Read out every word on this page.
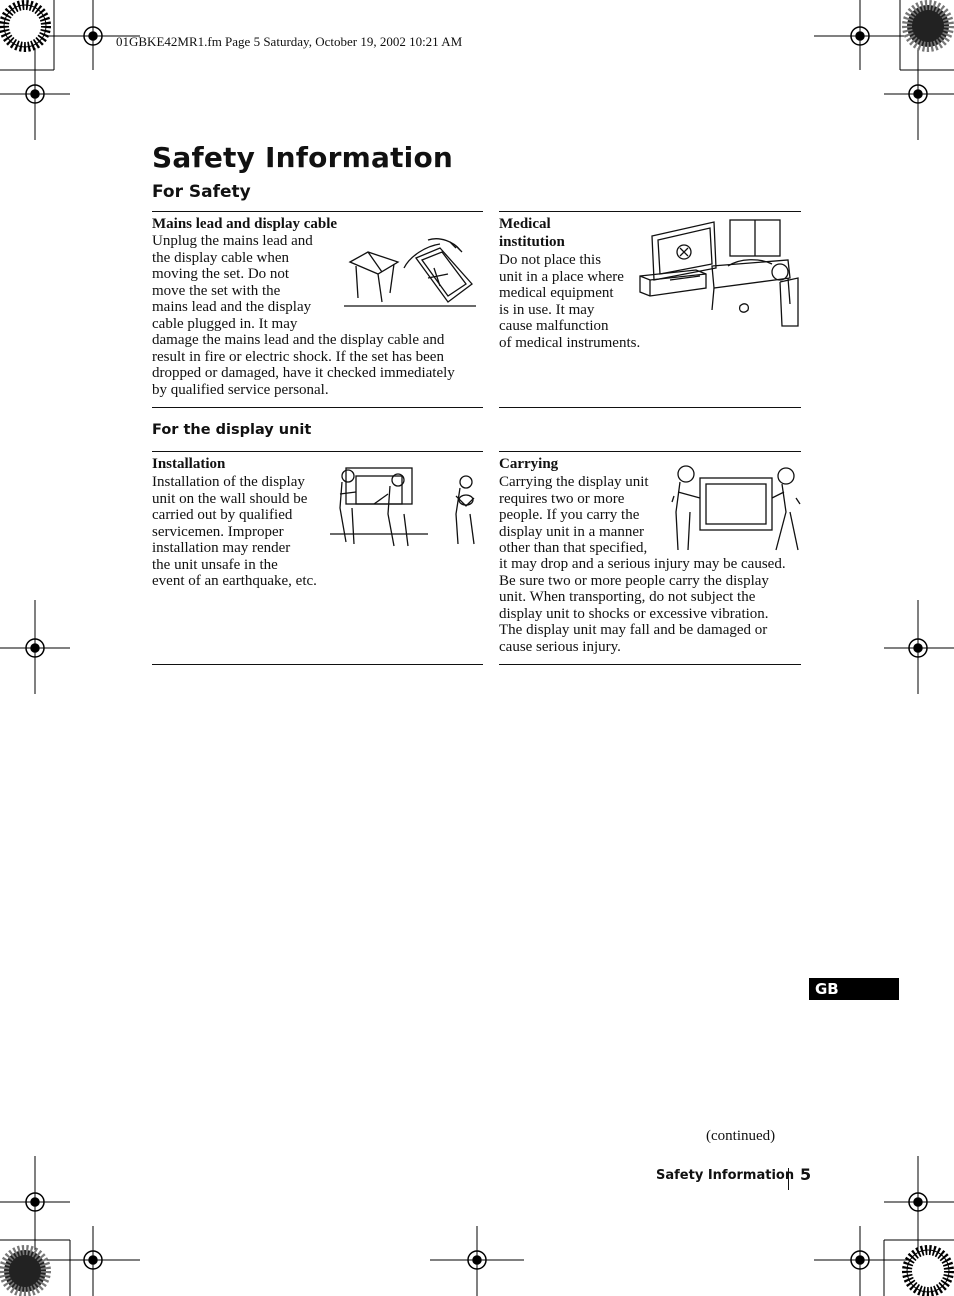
01GBKE42MR1.fm Page 5 Saturday, October 19, 2002 10:21 AM
Safety Information
For Safety
Mains lead and display cable
Unplug the mains lead and
the display cable when
moving the set. Do not
move the set with the
mains lead and the display
cable plugged in. It may
damage the mains lead and the display cable and
result in fire or electric shock. If the set has been
dropped or damaged, have it checked immediately
by qualified service personal.
Medical
institution
Do not place this
unit in a place where
medical equipment
is in use. It may
cause malfunction
of medical instruments.
For the display unit
Installation
Installation of the display
unit on the wall should be
carried out by qualified
servicemen. Improper
installation may render
the unit unsafe in the
event of an earthquake, etc.
Carrying
Carrying the display unit
requires two or more
people. If you carry the
display unit in a manner
other than that specified,
it may drop and a serious injury may be caused.
Be sure two or more people carry the display
unit. When transporting, do not subject the
display unit to shocks or excessive vibration.
The display unit may fall and be damaged or
cause serious injury.
GB
(continued)
Safety Information 5
